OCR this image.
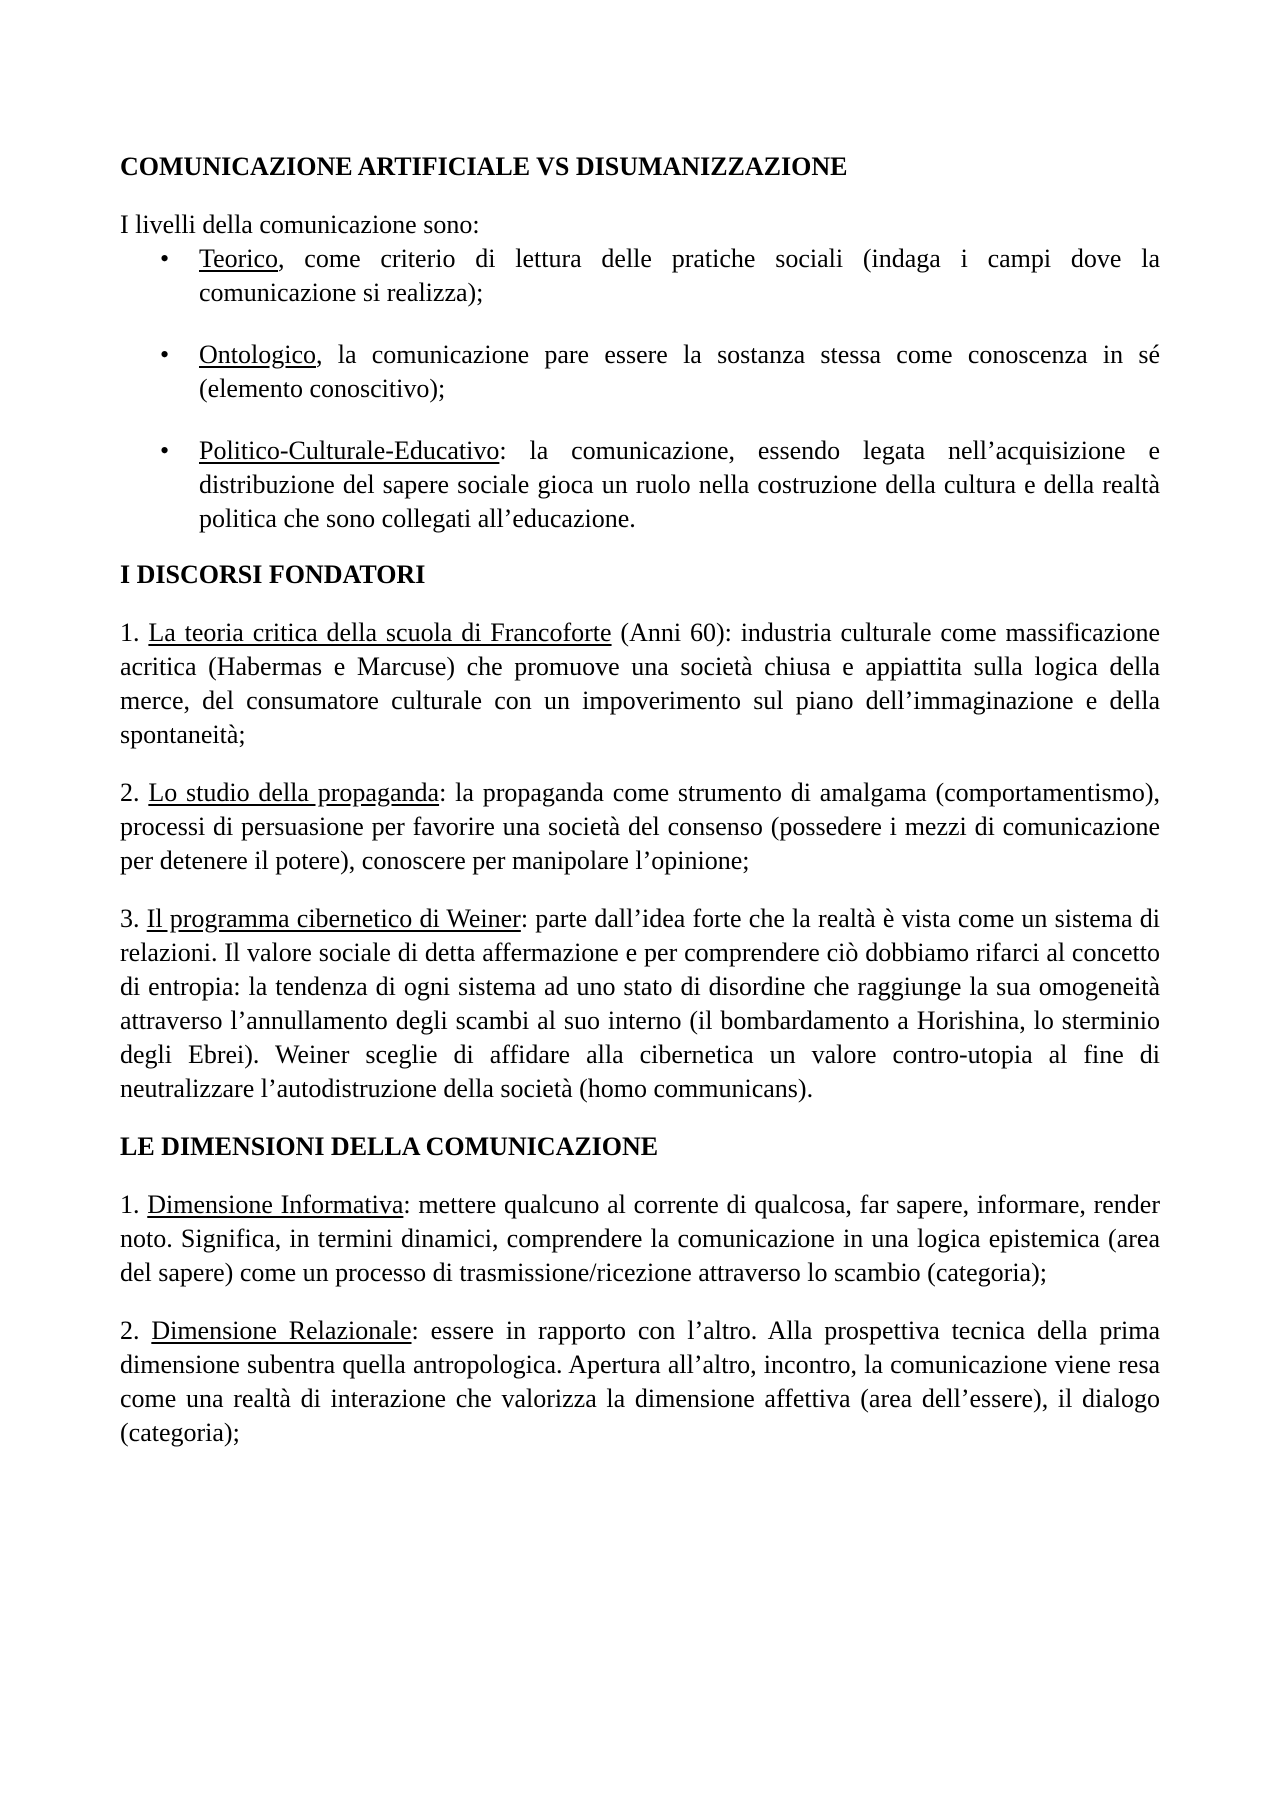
COMUNICAZIONE ARTIFICIALE VS DISUMANIZZAZIONE
I livelli della comunicazione sono:
• Teorico, come criterio di lettura delle pratiche sociali (indaga i campi dove la comunicazione si realizza);
• Ontologico, la comunicazione pare essere la sostanza stessa come conoscenza in sé (elemento conoscitivo);
• Politico-Culturale-Educativo: la comunicazione, essendo legata nell’acquisizione e distribuzione del sapere sociale gioca un ruolo nella costruzione della cultura e della realtà politica che sono collegati all’educazione.
I DISCORSI FONDATORI

1. La teoria critica della scuola di Francoforte (Anni 60): industria culturale come massificazione acritica (Habermas e Marcuse) che promuove una società chiusa e appiattita sulla logica della merce, del consumatore culturale con un impoverimento sul piano dell’immaginazione e della spontaneità;

2. Lo studio della propaganda: la propaganda come strumento di amalgama (comportamentismo), processi di persuasione per favorire una società del consenso (possedere i mezzi di comunicazione per detenere il potere), conoscere per manipolare l’opinione;

3. Il programma cibernetico di Weiner: parte dall’idea forte che la realtà è vista come un sistema di relazioni. Il valore sociale di detta affermazione e per comprendere ciò dobbiamo rifarci al concetto di entropia: la tendenza di ogni sistema ad uno stato di disordine che raggiunge la sua omogeneità attraverso l’annullamento degli scambi al suo interno (il bombardamento a Horishina, lo sterminio degli Ebrei). Weiner sceglie di affidare alla cibernetica un valore contro-utopia al fine di neutralizzare l’autodistruzione della società (homo communicans).

LE DIMENSIONI DELLA COMUNICAZIONE

1. Dimensione Informativa: mettere qualcuno al corrente di qualcosa, far sapere, informare, render noto. Significa, in termini dinamici, comprendere la comunicazione in una logica epistemica (area del sapere) come un processo di trasmissione/ricezione attraverso lo scambio (categoria);

2. Dimensione Relazionale: essere in rapporto con l’altro. Alla prospettiva tecnica della prima dimensione subentra quella antropologica. Apertura all’altro, incontro, la comunicazione viene resa come una realtà di interazione che valorizza la dimensione affettiva (area dell’essere), il dialogo (categoria);
